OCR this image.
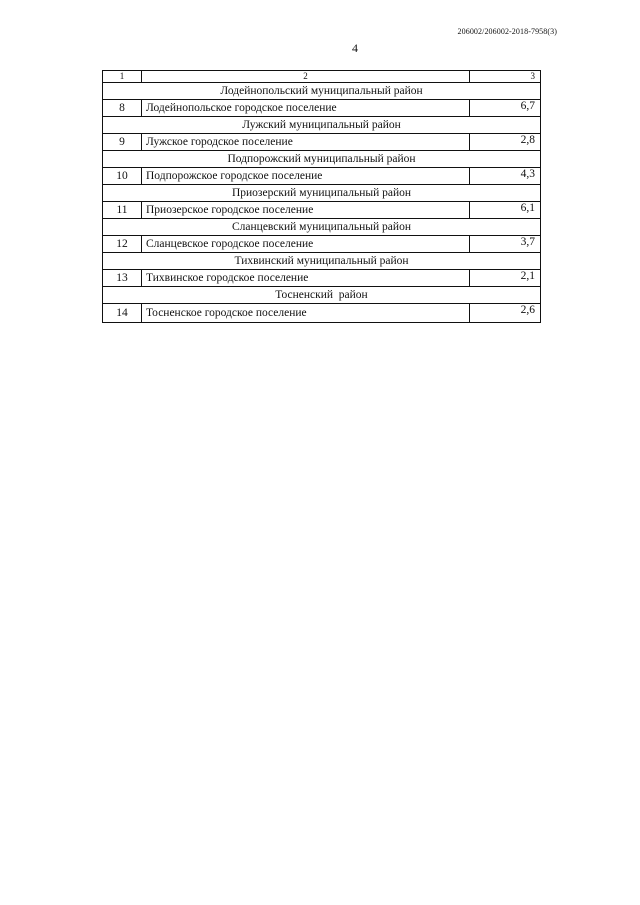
206002/206002-2018-7958(3)
4
1	2	3
Лодейнопольский муниципальный район		
8	Лодейнопольское городское поселение	6,7
Лужский муниципальный район		
9	Лужское городское поселение	2,8
Подпорожский муниципальный район		
10	Подпорожское городское поселение	4,3
Приозерский муниципальный район		
11	Приозерское городское поселение	6,1
Сланцевский муниципальный район		
12	Сланцевское городское поселение	3,7
Тихвинский муниципальный район		
13	Тихвинское городское поселение	2,1
Тосненский  район		
14	Тосненское городское поселение	2,6
